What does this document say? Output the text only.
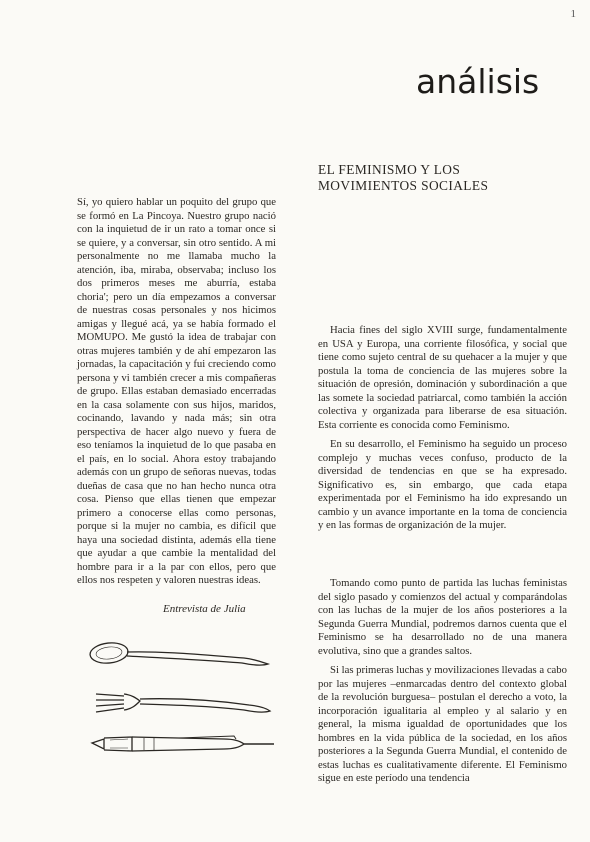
1
análisis
EL FEMINISMO Y LOS
MOVIMIENTOS SOCIALES

Sí, yo quiero hablar un poquito del grupo que se formó en La Pincoya. Nuestro grupo nació con la inquietud de ir un rato a tomar once si se quiere, y a conversar, sin otro sentido. A mi personalmente no me llamaba mucho la atención, iba, miraba, observaba; incluso los dos primeros meses me aburría, estaba choria'; pero un día empezamos a conversar de nuestras cosas personales y nos hicimos amigas y llegué acá, ya se había formado el MOMUPO. Me gustó la idea de trabajar con otras mujeres también y de ahí empezaron las jornadas, la capacitación y fui creciendo como persona y vi también crecer a mis compañeras de grupo. Ellas estaban demasiado encerradas en la casa solamente con sus hijos, maridos, cocinando, lavando y nada más; sin otra perspectiva de hacer algo nuevo y fuera de eso teníamos la inquietud de lo que pasaba en el país, en lo social. Ahora estoy trabajando además con un grupo de señoras nuevas, todas dueñas de casa que no han hecho nunca otra cosa. Pienso que ellas tienen que empezar primero a conocerse ellas como personas, porque si la mujer no cambia, es difícil que haya una sociedad distinta, además ella tiene que ayudar a que cambie la mentalidad del hombre para ir a la par con ellos, pero que ellos nos respeten y valoren nuestras ideas.

Entrevista de Julia

Hacia fines del siglo XVIII surge, fundamentalmente en USA y Europa, una corriente filosófica, y social que tiene como sujeto central de su quehacer a la mujer y que postula la toma de conciencia de las mujeres sobre la situación de opresión, dominación y subordinación a que las somete la sociedad patriarcal, como también la acción colectiva y organizada para liberarse de esa situación. Esta corriente es conocida como Feminismo.

En su desarrollo, el Feminismo ha seguido un proceso complejo y muchas veces confuso, producto de la diversidad de tendencias en que se ha expresado. Significativo es, sin embargo, que cada etapa experimentada por el Feminismo ha ido expresando un cambio y un avance importante en la toma de conciencia y en las formas de organización de la mujer.

Tomando como punto de partida las luchas feministas del siglo pasado y comienzos del actual y comparándolas con las luchas de la mujer de los años posteriores a la Segunda Guerra Mundial, podremos darnos cuenta que el Feminismo se ha desarrollado no de una manera evolutiva, sino que a grandes saltos.

Si las primeras luchas y movilizaciones llevadas a cabo por las mujeres –enmarcadas dentro del contexto global de la revolución burguesa– postulan el derecho a voto, la incorporación igualitaria al empleo y al salario y en general, la misma igualdad de oportunidades que los hombres en la vida pública de la sociedad, en los años posteriores a la Segunda Guerra Mundial, el contenido de estas luchas es cualitativamente diferente. El Feminismo sigue en este período una tendencia
